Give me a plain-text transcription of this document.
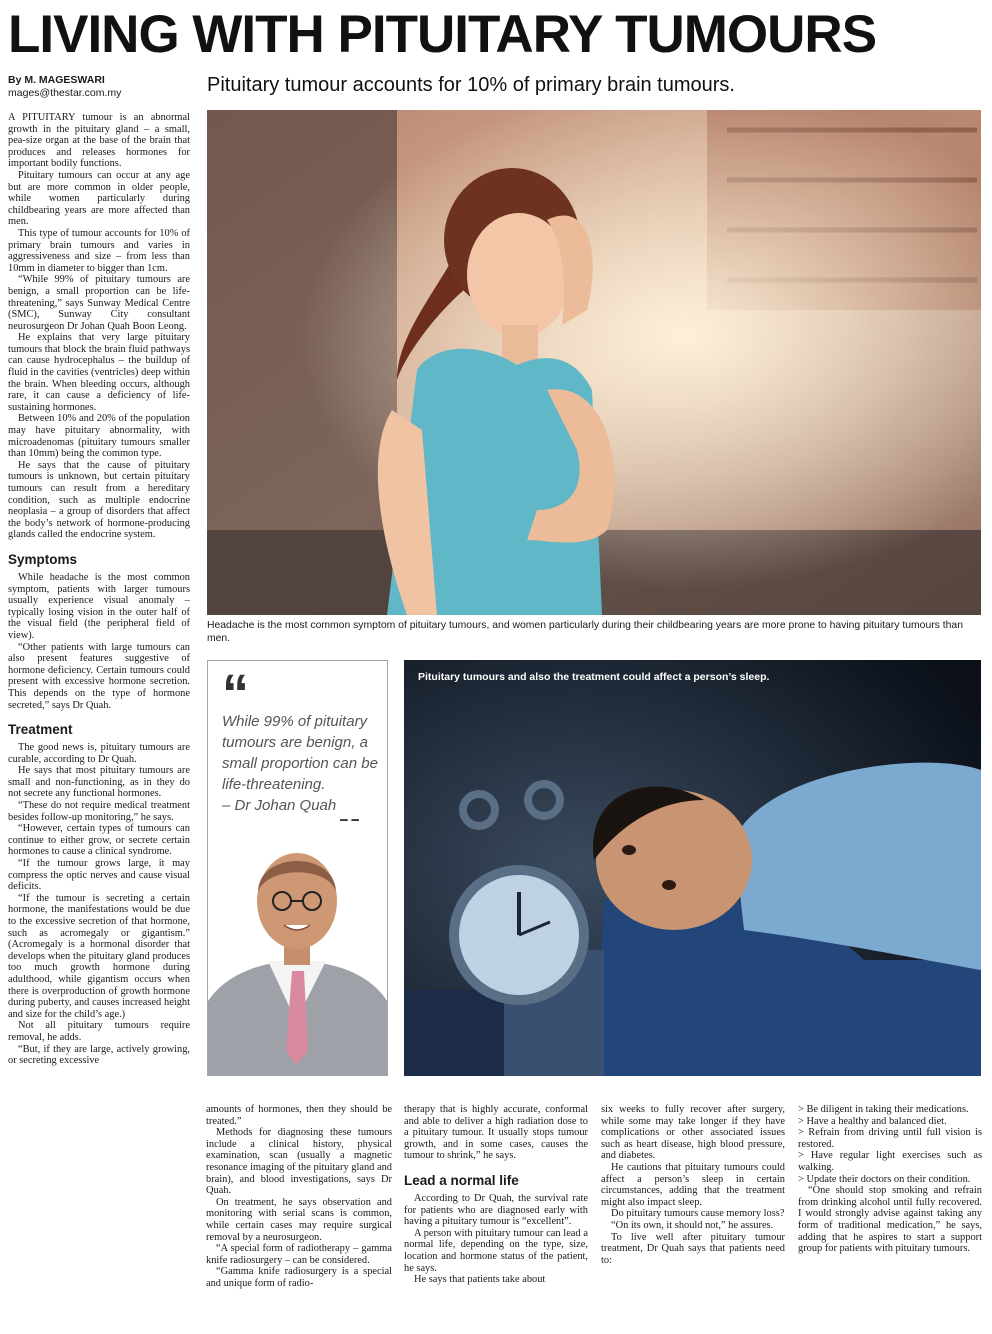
LIVING WITH PITUITARY TUMOURS
By M. MAGESWARI
mages@thestar.com.my	Pituitary tumour accounts for 10% of primary brain tumours.

A PITUITARY tumour is an abnormal growth in the pituitary gland – a small, pea-size organ at the base of the brain that produces and releases hormones for important bodily functions.

Pituitary tumours can occur at any age but are more common in older people, while women particularly during childbearing years are more affected than men.

This type of tumour accounts for 10% of primary brain tumours and varies in aggressiveness and size – from less than 10mm in diameter to bigger than 1cm.

“While 99% of pituitary tumours are benign, a small proportion can be life-threatening,” says Sunway Medical Centre (SMC), Sunway City consultant neurosurgeon Dr Johan Quah Boon Leong.

He explains that very large pituitary tumours that block the brain fluid pathways can cause hydrocephalus – the buildup of fluid in the cavities (ventricles) deep within the brain. When bleeding occurs, although rare, it can cause a deficiency of life-sustaining hormones.

Between 10% and 20% of the population may have pituitary abnormality, with microadenomas (pituitary tumours smaller than 10mm) being the common type.

He says that the cause of pituitary tumours is unknown, but certain pituitary tumours can result from a hereditary condition, such as multiple endocrine neoplasia – a group of disorders that affect the body’s network of hormone-producing glands called the endocrine system.

Symptoms

While headache is the most common symptom, patients with larger tumours usually experience visual anomaly – typically losing vision in the outer half of the visual field (the peripheral field of view).

“Other patients with large tumours can also present features suggestive of hormone deficiency. Certain tumours could present with excessive hormone secretion. This depends on the type of hormone secreted,” says Dr Quah.

Treatment

The good news is, pituitary tumours are curable, according to Dr Quah.

He says that most pituitary tumours are small and non-functioning, as in they do not secrete any functional hormones.

“These do not require medical treatment besides follow-up monitoring,” he says.

“However, certain types of tumours can continue to either grow, or secrete certain hormones to cause a clinical syndrome.

“If the tumour grows large, it may compress the optic nerves and cause visual deficits.

“If the tumour is secreting a certain hormone, the manifestations would be due to the excessive secretion of that hormone, such as acromegaly or gigantism.” (Acromegaly is a hormonal disorder that develops when the pituitary gland produces too much growth hormone during adulthood, while gigantism occurs when there is overproduction of growth hormone during puberty, and causes increased height and size for the child’s age.)

Not all pituitary tumours require removal, he adds.

“But, if they are large, actively growing, or secreting excessive

Headache is the most common symptom of pituitary tumours, and women particularly during their childbearing years are more prone to having pituitary tumours than men.
“
While 99% of pituitary tumours are benign, a small proportion can be life-threatening.
– Dr Johan Quah
Pituitary tumours and also the treatment could affect a person’s sleep.

amounts of hormones, then they should be treated.”

Methods for diagnosing these tumours include a clinical history, physical examination, scan (usually a magnetic resonance imaging of the pituitary gland and brain), and blood investigations, says Dr Quah.

On treatment, he says observation and monitoring with serial scans is common, while certain cases may require surgical removal by a neurosurgeon.

“A special form of radiotherapy – gamma knife radiosurgery – can be considered.

“Gamma knife radiosurgery is a special and unique form of radio-

therapy that is highly accurate, conformal and able to deliver a high radiation dose to a pituitary tumour. It usually stops tumour growth, and in some cases, causes the tumour to shrink,” he says.

Lead a normal life

According to Dr Quah, the survival rate for patients who are diagnosed early with having a pituitary tumour is “excellent”.

A person with pituitary tumour can lead a normal life, depending on the type, size, location and hormone status of the patient, he says.

He says that patients take about

six weeks to fully recover after surgery, while some may take longer if they have complications or other associated issues such as heart disease, high blood pressure, and diabetes.

He cautions that pituitary tumours could affect a person’s sleep in certain circumstances, adding that the treatment might also impact sleep.

Do pituitary tumours cause memory loss?

“On its own, it should not,” he assures.

To live well after pituitary tumour treatment, Dr Quah says that patients need to:

> Be diligent in taking their medications.

> Have a healthy and balanced diet.

> Refrain from driving until full vision is restored.

> Have regular light exercises such as walking.

> Update their doctors on their condition.

“One should stop smoking and refrain from drinking alcohol until fully recovered. I would strongly advise against taking any form of traditional medication,” he says, adding that he aspires to start a support group for patients with pituitary tumours.
